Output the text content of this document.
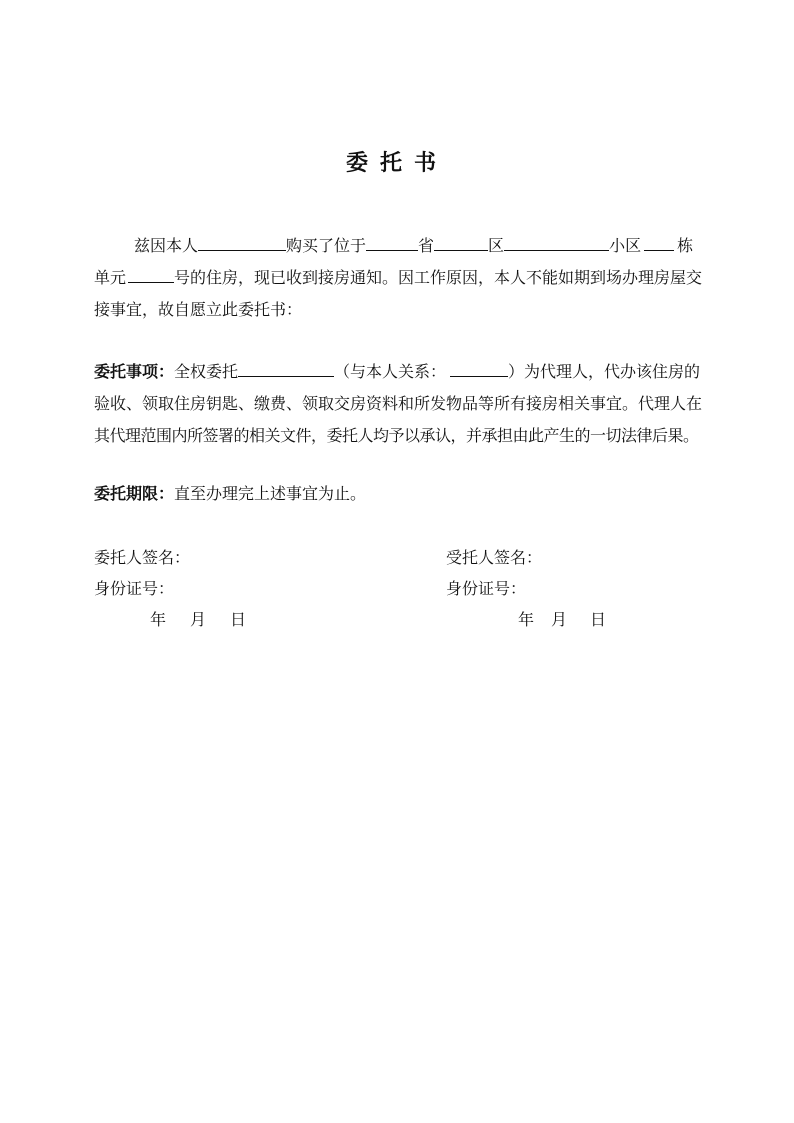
委托书
兹因本人	购买了位于	省	区	小区 栋
单元	号的住房，现已收到接房通知。因工作原因，本人不能如期到场办理房屋交
接事宜，故自愿立此委托书：
委托事项：全权委托	（与本人关系：	）为代理人，代办该住房的
验收、领取住房钥匙、缴费、领取交房资料和所发物品等所有接房相关事宜。代理人在
其代理范围内所签署的相关文件，委托人均予以承认，并承担由此产生的一切法律后果。
委托期限：直至办理完上述事宜为止。
委托人签名：
身份证号：
年 月 日
受托人签名：
身份证号：
年 月 日
